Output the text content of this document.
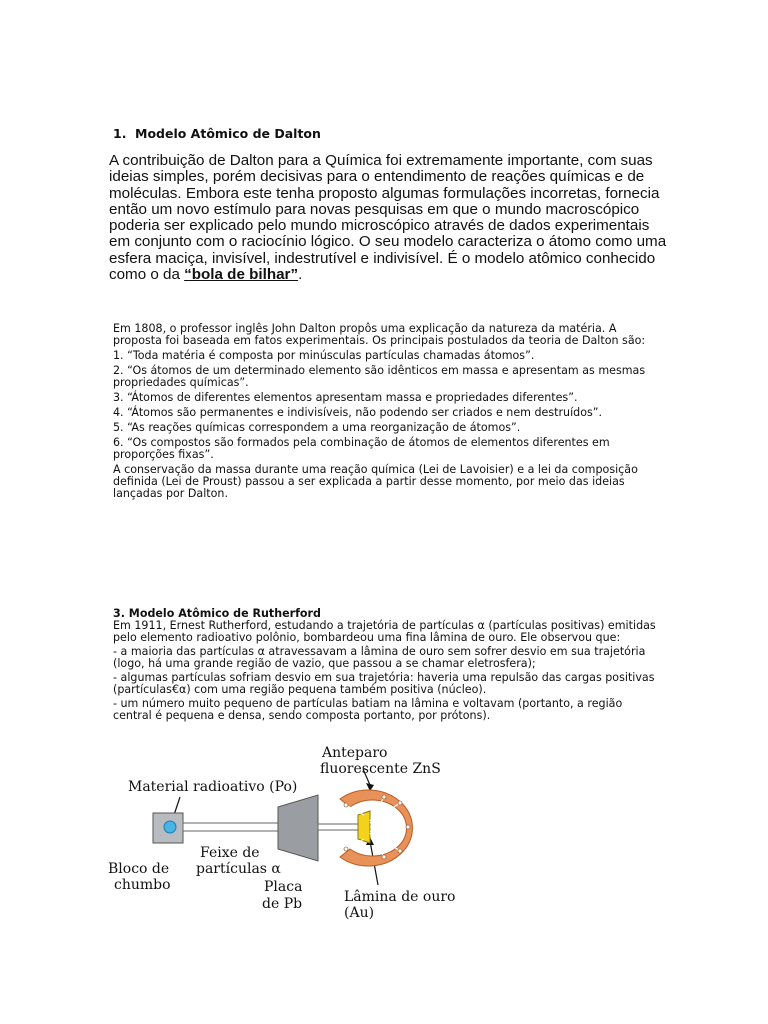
1. Modelo Atômico de Dalton
A contribuição de Dalton para a Química foi extremamente importante, com suas ideias simples, porém decisivas para o entendimento de reações químicas e de moléculas. Embora este tenha proposto algumas formulações incorretas, fornecia então um novo estímulo para novas pesquisas em que o mundo macroscópico poderia ser explicado pelo mundo microscópico através de dados experimentais em conjunto com o raciocínio lógico. O seu modelo caracteriza o átomo como uma esfera maciça, invisível, indestrutível e indivisível. É o modelo atômico conhecido como o da “bola de bilhar”.

Em 1808, o professor inglês John Dalton propôs uma explicação da natureza da matéria. A proposta foi baseada em fatos experimentais. Os principais postulados da teoria de Dalton são:

1. “Toda matéria é composta por minúsculas partículas chamadas átomos”.

2. “Os átomos de um determinado elemento são idênticos em massa e apresentam as mesmas propriedades químicas”.

3. “Átomos de diferentes elementos apresentam massa e propriedades diferentes”.

4. “Átomos são permanentes e indivisíveis, não podendo ser criados e nem destruídos”.

5. “As reações químicas correspondem a uma reorganização de átomos”.

6. “Os compostos são formados pela combinação de átomos de elementos diferentes em proporções fixas”.

A conservação da massa durante uma reação química (Lei de Lavoisier) e a lei da composição definida (Lei de Proust) passou a ser explicada a partir desse momento, por meio das ideias lançadas por Dalton.

3. Modelo Atômico de Rutherford

Em 1911, Ernest Rutherford, estudando a trajetória de partículas α (partículas positivas) emitidas pelo elemento radioativo polônio, bombardeou uma fina lâmina de ouro. Ele observou que:

- a maioria das partículas α atravessavam a lâmina de ouro sem sofrer desvio em sua trajetória (logo, há uma grande região de vazio, que passou a se chamar eletrosfera);

- algumas partículas sofriam desvio em sua trajetória: haveria uma repulsão das cargas positivas (partículas€α) com uma região pequena também positiva (núcleo).

- um número muito pequeno de partículas batiam na lâmina e voltavam (portanto, a região central é pequena e densa, sendo composta portanto, por prótons).

Material radioativo (Po)
Bloco de
chumbo
Feixe de
partículas α
Placa
de Pb
Anteparo
fluorescente ZnS
Lâmina de ouro
(Au)
